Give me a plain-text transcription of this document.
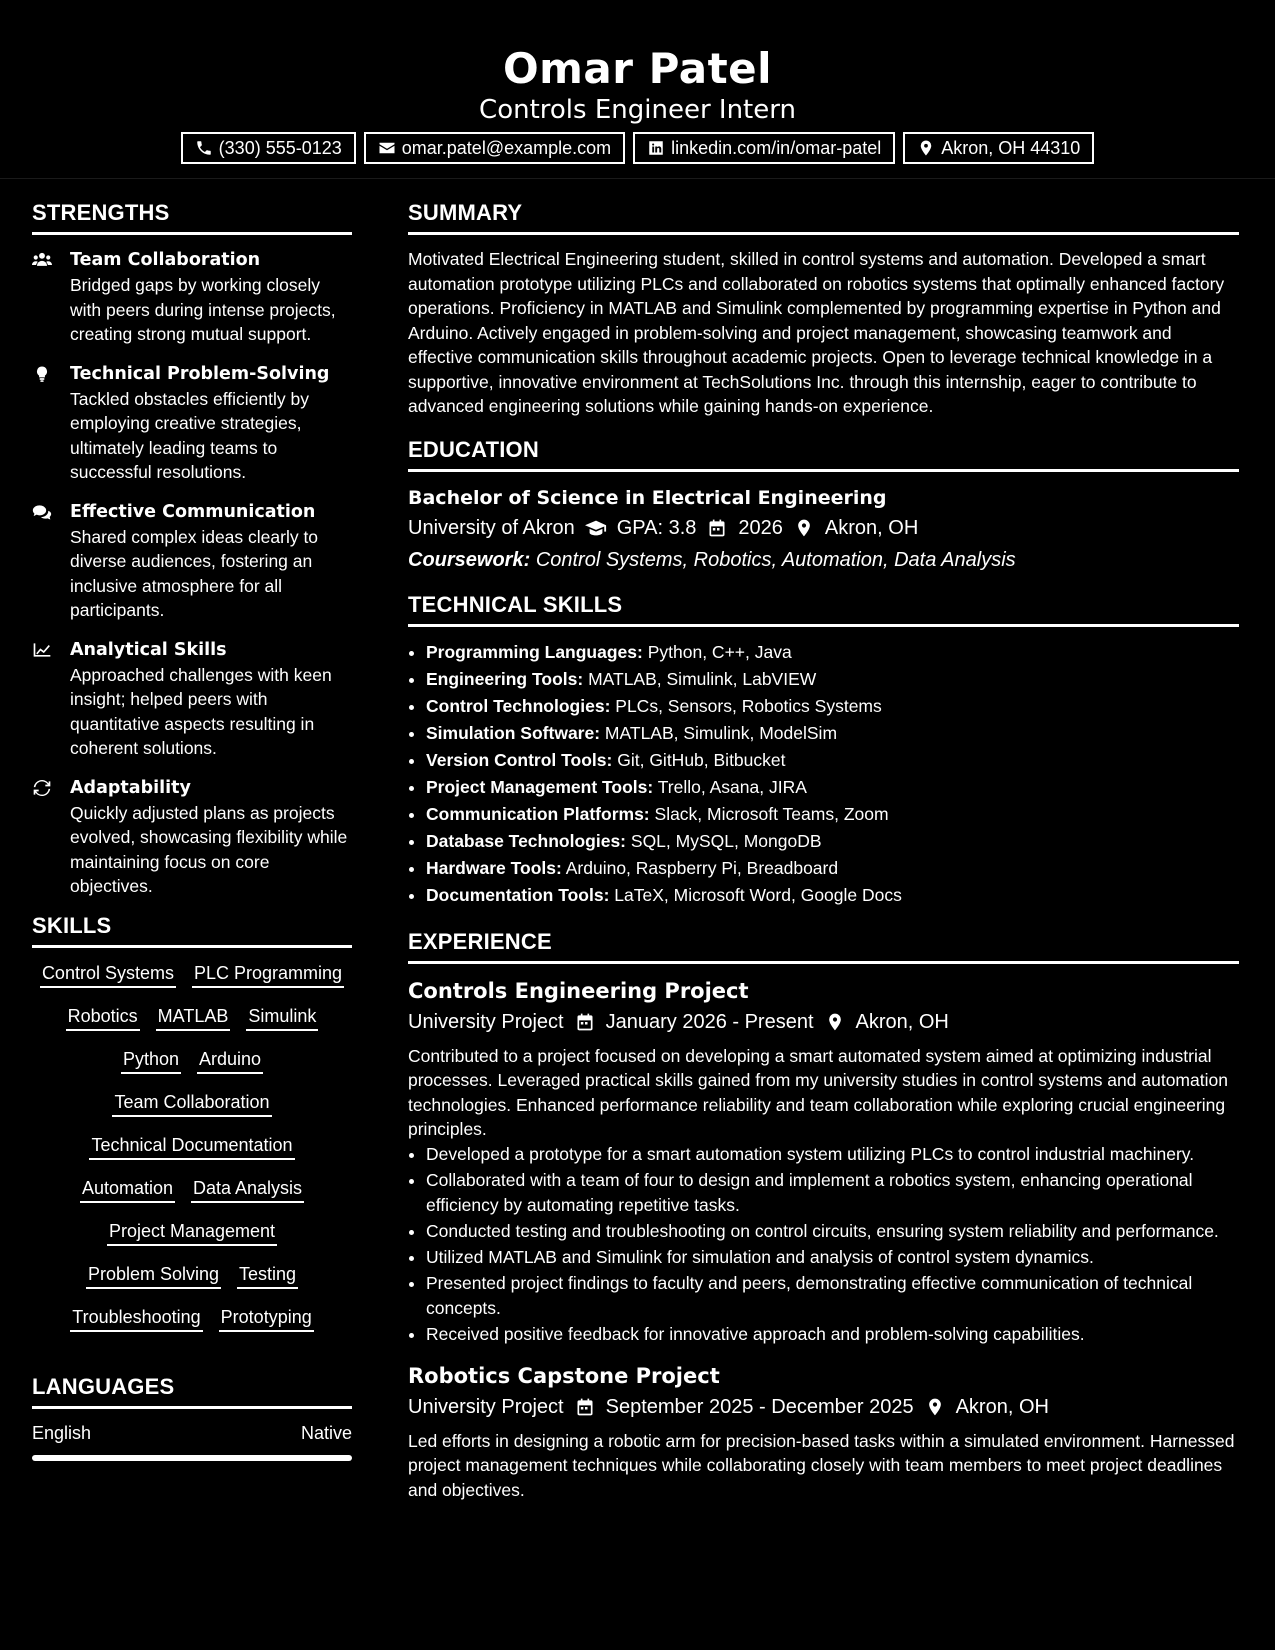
Omar Patel
Controls Engineer Intern
(330) 555-0123	omar.patel@example.com	linkedin.com/in/omar-patel	Akron, OH 44310
STRENGTHS
Team Collaboration
Bridged gaps by working closely with peers during intense projects, creating strong mutual support.
Technical Problem-Solving
Tackled obstacles efficiently by employing creative strategies, ultimately leading teams to successful resolutions.
Effective Communication
Shared complex ideas clearly to diverse audiences, fostering an inclusive atmosphere for all participants.
Analytical Skills
Approached challenges with keen insight; helped peers with quantitative aspects resulting in coherent solutions.
Adaptability
Quickly adjusted plans as projects evolved, showcasing flexibility while maintaining focus on core objectives.
SKILLS
Control Systems PLC Programming
Robotics MATLAB Simulink
Python Arduino
Team Collaboration
Technical Documentation
Automation Data Analysis
Project Management
Problem Solving Testing
Troubleshooting Prototyping
LANGUAGES
English	Native
SUMMARY
Motivated Electrical Engineering student, skilled in control systems and automation. Developed a smart automation prototype utilizing PLCs and collaborated on robotics systems that optimally enhanced factory operations. Proficiency in MATLAB and Simulink complemented by programming expertise in Python and Arduino. Actively engaged in problem-solving and project management, showcasing teamwork and effective communication skills throughout academic projects. Open to leverage technical knowledge in a supportive, innovative environment at TechSolutions Inc. through this internship, eager to contribute to advanced engineering solutions while gaining hands-on experience.
EDUCATION
Bachelor of Science in Electrical Engineering
University of Akron GPA: 3.8 2026 Akron, OH
Coursework: Control Systems, Robotics, Automation, Data Analysis
TECHNICAL SKILLS
• Programming Languages: Python, C++, Java
• Engineering Tools: MATLAB, Simulink, LabVIEW
• Control Technologies: PLCs, Sensors, Robotics Systems
• Simulation Software: MATLAB, Simulink, ModelSim
• Version Control Tools: Git, GitHub, Bitbucket
• Project Management Tools: Trello, Asana, JIRA
• Communication Platforms: Slack, Microsoft Teams, Zoom
• Database Technologies: SQL, MySQL, MongoDB
• Hardware Tools: Arduino, Raspberry Pi, Breadboard
• Documentation Tools: LaTeX, Microsoft Word, Google Docs
EXPERIENCE
Controls Engineering Project
University Project January 2026 - Present Akron, OH
Contributed to a project focused on developing a smart automated system aimed at optimizing industrial processes. Leveraged practical skills gained from my university studies in control systems and automation technologies. Enhanced performance reliability and team collaboration while exploring crucial engineering principles.
• Developed a prototype for a smart automation system utilizing PLCs to control industrial machinery.
• Collaborated with a team of four to design and implement a robotics system, enhancing operational efficiency by automating repetitive tasks.
• Conducted testing and troubleshooting on control circuits, ensuring system reliability and performance.
• Utilized MATLAB and Simulink for simulation and analysis of control system dynamics.
• Presented project findings to faculty and peers, demonstrating effective communication of technical concepts.
• Received positive feedback for innovative approach and problem-solving capabilities.
Robotics Capstone Project
University Project September 2025 - December 2025 Akron, OH
Led efforts in designing a robotic arm for precision-based tasks within a simulated environment. Harnessed project management techniques while collaborating closely with team members to meet project deadlines and objectives.
